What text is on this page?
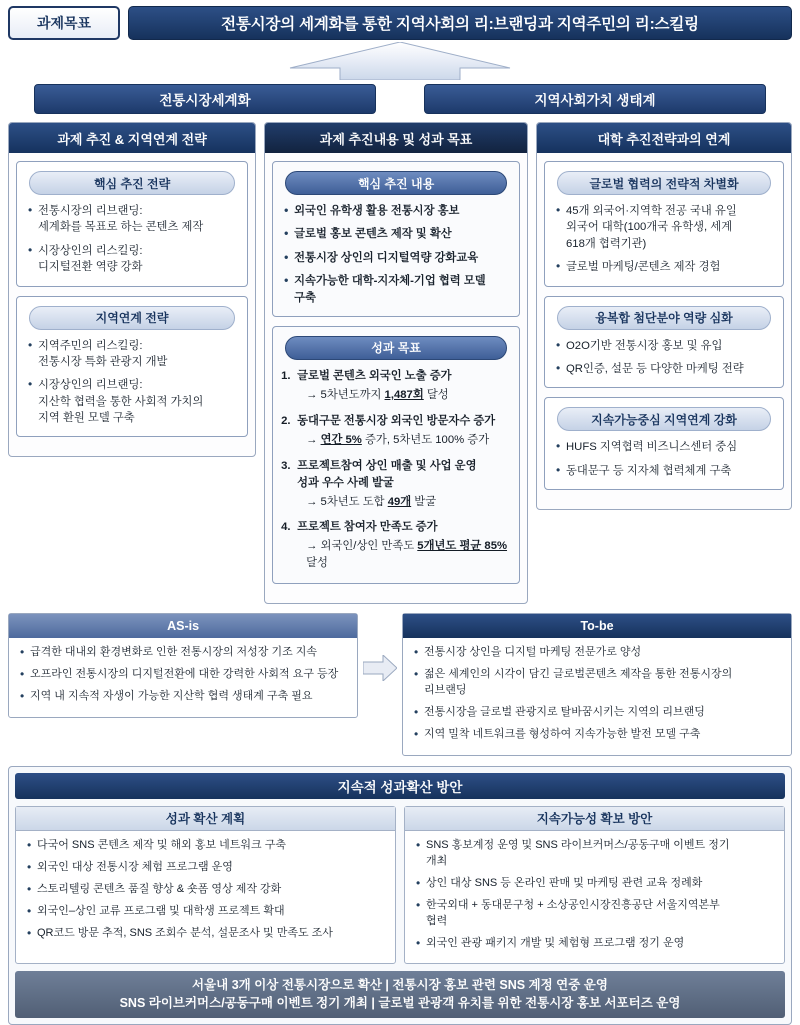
과제목표	전통시장의 세계화를 통한 지역사회의 리:브랜딩과 지역주민의 리:스킬링
전통시장세계화	지역사회가치 생태계
과제 추진 & 지역연계 전략
핵심 추진 전략
• 전통시장의 리브랜딩:
세계화를 목표로 하는 콘텐츠 제작
• 시장상인의 리스킬링:
디지털전환 역량 강화
지역연계 전략
• 지역주민의 리스킬링:
전통시장 특화 관광지 개발
• 시장상인의 리브랜딩:
지산학 협력을 통한 사회적 가치의
지역 환원 모델 구축
과제 추진내용 및 성과 목표
핵심 추진 내용
• 외국인 유학생 활용 전통시장 홍보
• 글로벌 홍보 콘텐츠 제작 및 확산
• 전통시장 상인의 디지털역량 강화교육
• 지속가능한 대학-지자체-기업 협력 모델
구축
성과 목표
글로벌 콘텐츠 외국인 노출 증가
→ 5차년도까지 1,487회 달성
동대구문 전통시장 외국인 방문자수 증가
→ 연간 5% 증가, 5차년도 100% 증가
프로젝트참여 상인 매출 및 사업 운영
성과 우수 사례 발굴
→ 5차년도 도합 49개 발굴
프로젝트 참여자 만족도 증가
→ 외국인/상인 만족도 5개년도 평균 85% 달성
대학 추진전략과의 연계
글로벌 협력의 전략적 차별화
• 45개 외국어·지역학 전공 국내 유일
외국어 대학(100개국 유학생, 세계
618개 협력기관)
• 글로벌 마케팅/콘텐츠 제작 경험
융복합 첨단분야 역량 심화
• O2O기반 전통시장 홍보 및 유입
• QR인증, 설문 등 다양한 마케팅 전략
지속가능중심 지역연계 강화
• HUFS 지역협력 비즈니스센터 중심
• 동대문구 등 지자체 협력체계 구축
AS-is
• 급격한 대내외 환경변화로 인한 전통시장의 저성장 기조 지속
• 오프라인 전통시장의 디지털전환에 대한 강력한 사회적 요구 등장
• 지역 내 지속적 자생이 가능한 지산학 협력 생태계 구축 필요
To-be
• 전통시장 상인을 디지털 마케팅 전문가로 양성
• 젊은 세계인의 시각이 담긴 글로벌콘텐츠 제작을 통한 전통시장의
리브랜딩
• 전통시장을 글로벌 관광지로 탈바꿈시키는 지역의 리브랜딩
• 지역 밀착 네트워크를 형성하여 지속가능한 발전 모델 구축
지속적 성과확산 방안
성과 확산 계획
• 다국어 SNS 콘텐츠 제작 및 해외 홍보 네트워크 구축
• 외국인 대상 전통시장 체험 프로그램 운영
• 스토리텔링 콘텐츠 품질 향상 & 숏폼 영상 제작 강화
• 외국인–상인 교류 프로그램 및 대학생 프로젝트 확대
• QR코드 방문 추적, SNS 조회수 분석, 설문조사 및 만족도 조사
지속가능성 확보 방안
• SNS 홍보계정 운영 및 SNS 라이브커머스/공동구매 이벤트 정기
개최
• 상인 대상 SNS 등 온라인 판매 및 마케팅 관련 교육 정례화
• 한국외대 + 동대문구청 + 소상공인시장진흥공단 서울지역본부
협력
• 외국인 관광 패키지 개발 및 체험형 프로그램 정기 운영
서울내 3개 이상 전통시장으로 확산 | 전통시장 홍보 관련 SNS 계정 연중 운영
SNS 라이브커머스/공동구매 이벤트 정기 개최 | 글로벌 관광객 유치를 위한 전통시장 홍보 서포터즈 운영
